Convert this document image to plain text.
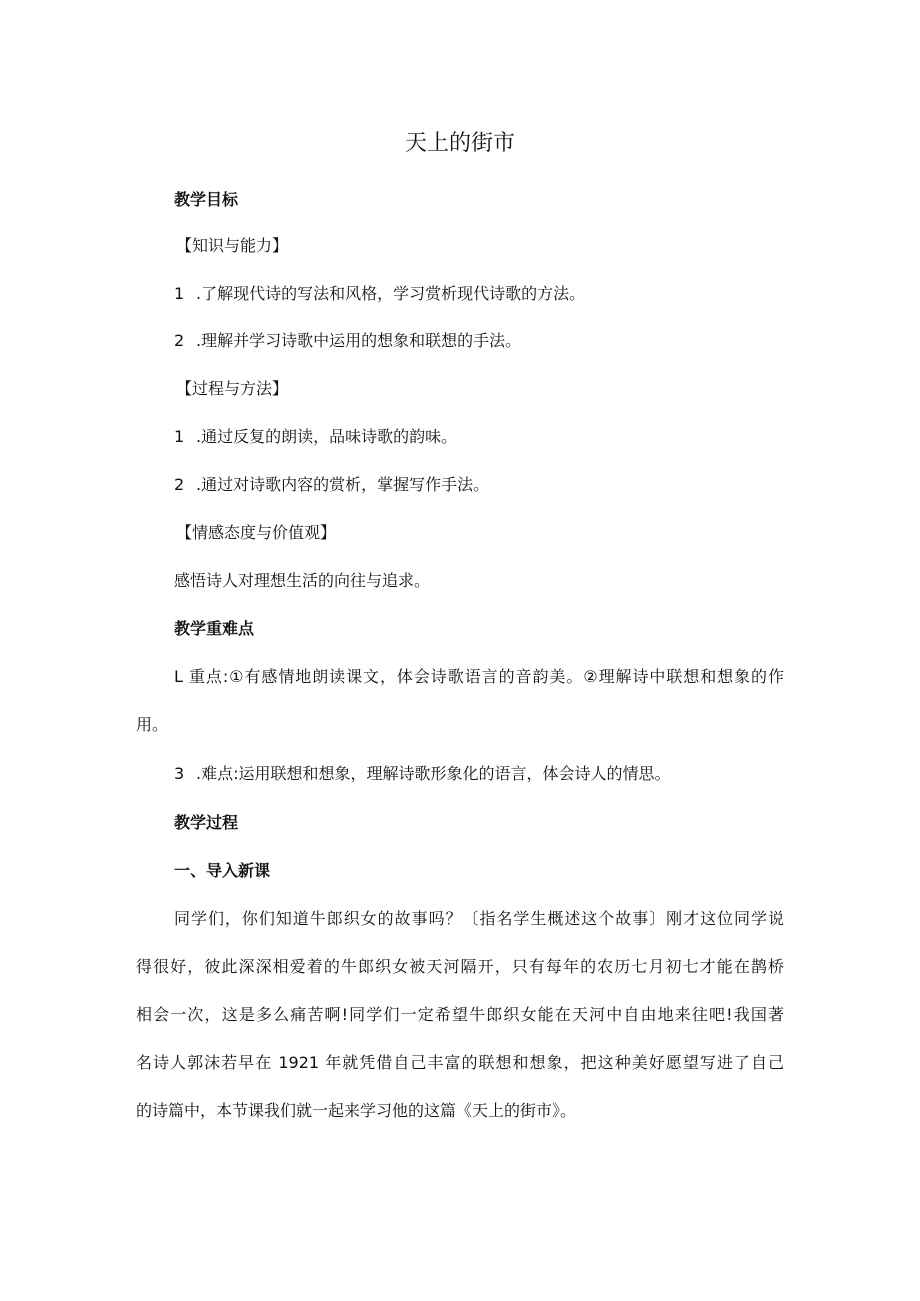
天上的街市

教学目标

【知识与能力】

1 .了解现代诗的写法和风格，学习赏析现代诗歌的方法。

2 .理解并学习诗歌中运用的想象和联想的手法。

【过程与方法】

1 .通过反复的朗读，品味诗歌的韵味。

2 .通过对诗歌内容的赏析，掌握写作手法。

【情感态度与价值观】

感悟诗人对理想生活的向往与追求。

教学重难点

L 重点:①有感情地朗读课文，体会诗歌语言的音韵美。②理解诗中联想和想象的作

用。

3 .难点:运用联想和想象，理解诗歌形象化的语言，体会诗人的情思。

教学过程

一、导入新课

同学们，你们知道牛郎织女的故事吗？〔指名学生概述这个故事〕刚才这位同学说

得很好，彼此深深相爱着的牛郎织女被天河隔开，只有每年的农历七月初七才能在鹊桥

相会一次，这是多么痛苦啊!同学们一定希望牛郎织女能在天河中自由地来往吧!我国著

名诗人郭沫若早在 1921 年就凭借自己丰富的联想和想象，把这种美好愿望写进了自己

的诗篇中，本节课我们就一起来学习他的这篇《天上的街市》。
